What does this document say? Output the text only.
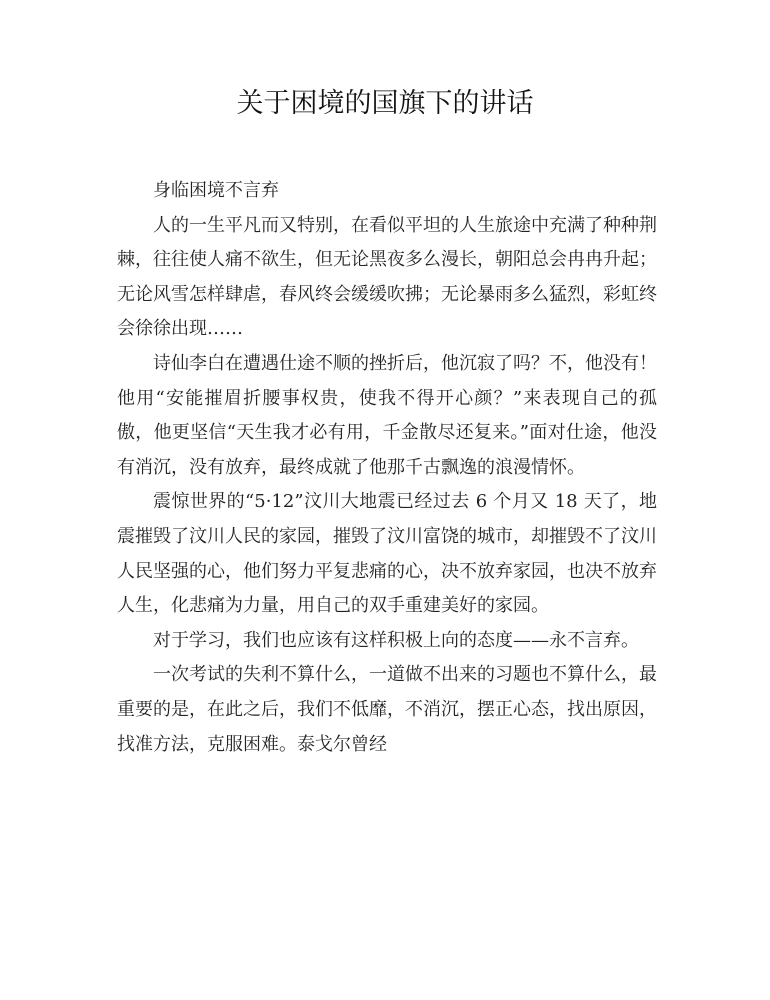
关于困境的国旗下的讲话

身临困境不言弃

人的一生平凡而又特别，在看似平坦的人生旅途中充满了种种荆棘，往往使人痛不欲生，但无论黑夜多么漫长，朝阳总会冉冉升起；无论风雪怎样肆虐，春风终会缓缓吹拂；无论暴雨多么猛烈，彩虹终会徐徐出现……

诗仙李白在遭遇仕途不顺的挫折后，他沉寂了吗？不，他没有！他用“安能摧眉折腰事权贵，使我不得开心颜？”来表现自己的孤傲，他更坚信“天生我才必有用，千金散尽还复来。”面对仕途，他没有消沉，没有放弃，最终成就了他那千古飘逸的浪漫情怀。

震惊世界的“5·12”汶川大地震已经过去 6 个月又 18 天了，地震摧毁了汶川人民的家园，摧毁了汶川富饶的城市，却摧毁不了汶川人民坚强的心，他们努力平复悲痛的心，决不放弃家园，也决不放弃人生，化悲痛为力量，用自己的双手重建美好的家园。

对于学习，我们也应该有这样积极上向的态度——永不言弃。

一次考试的失利不算什么，一道做不出来的习题也不算什么，最重要的是，在此之后，我们不低靡，不消沉，摆正心态，找出原因，找准方法，克服困难。泰戈尔曾经
